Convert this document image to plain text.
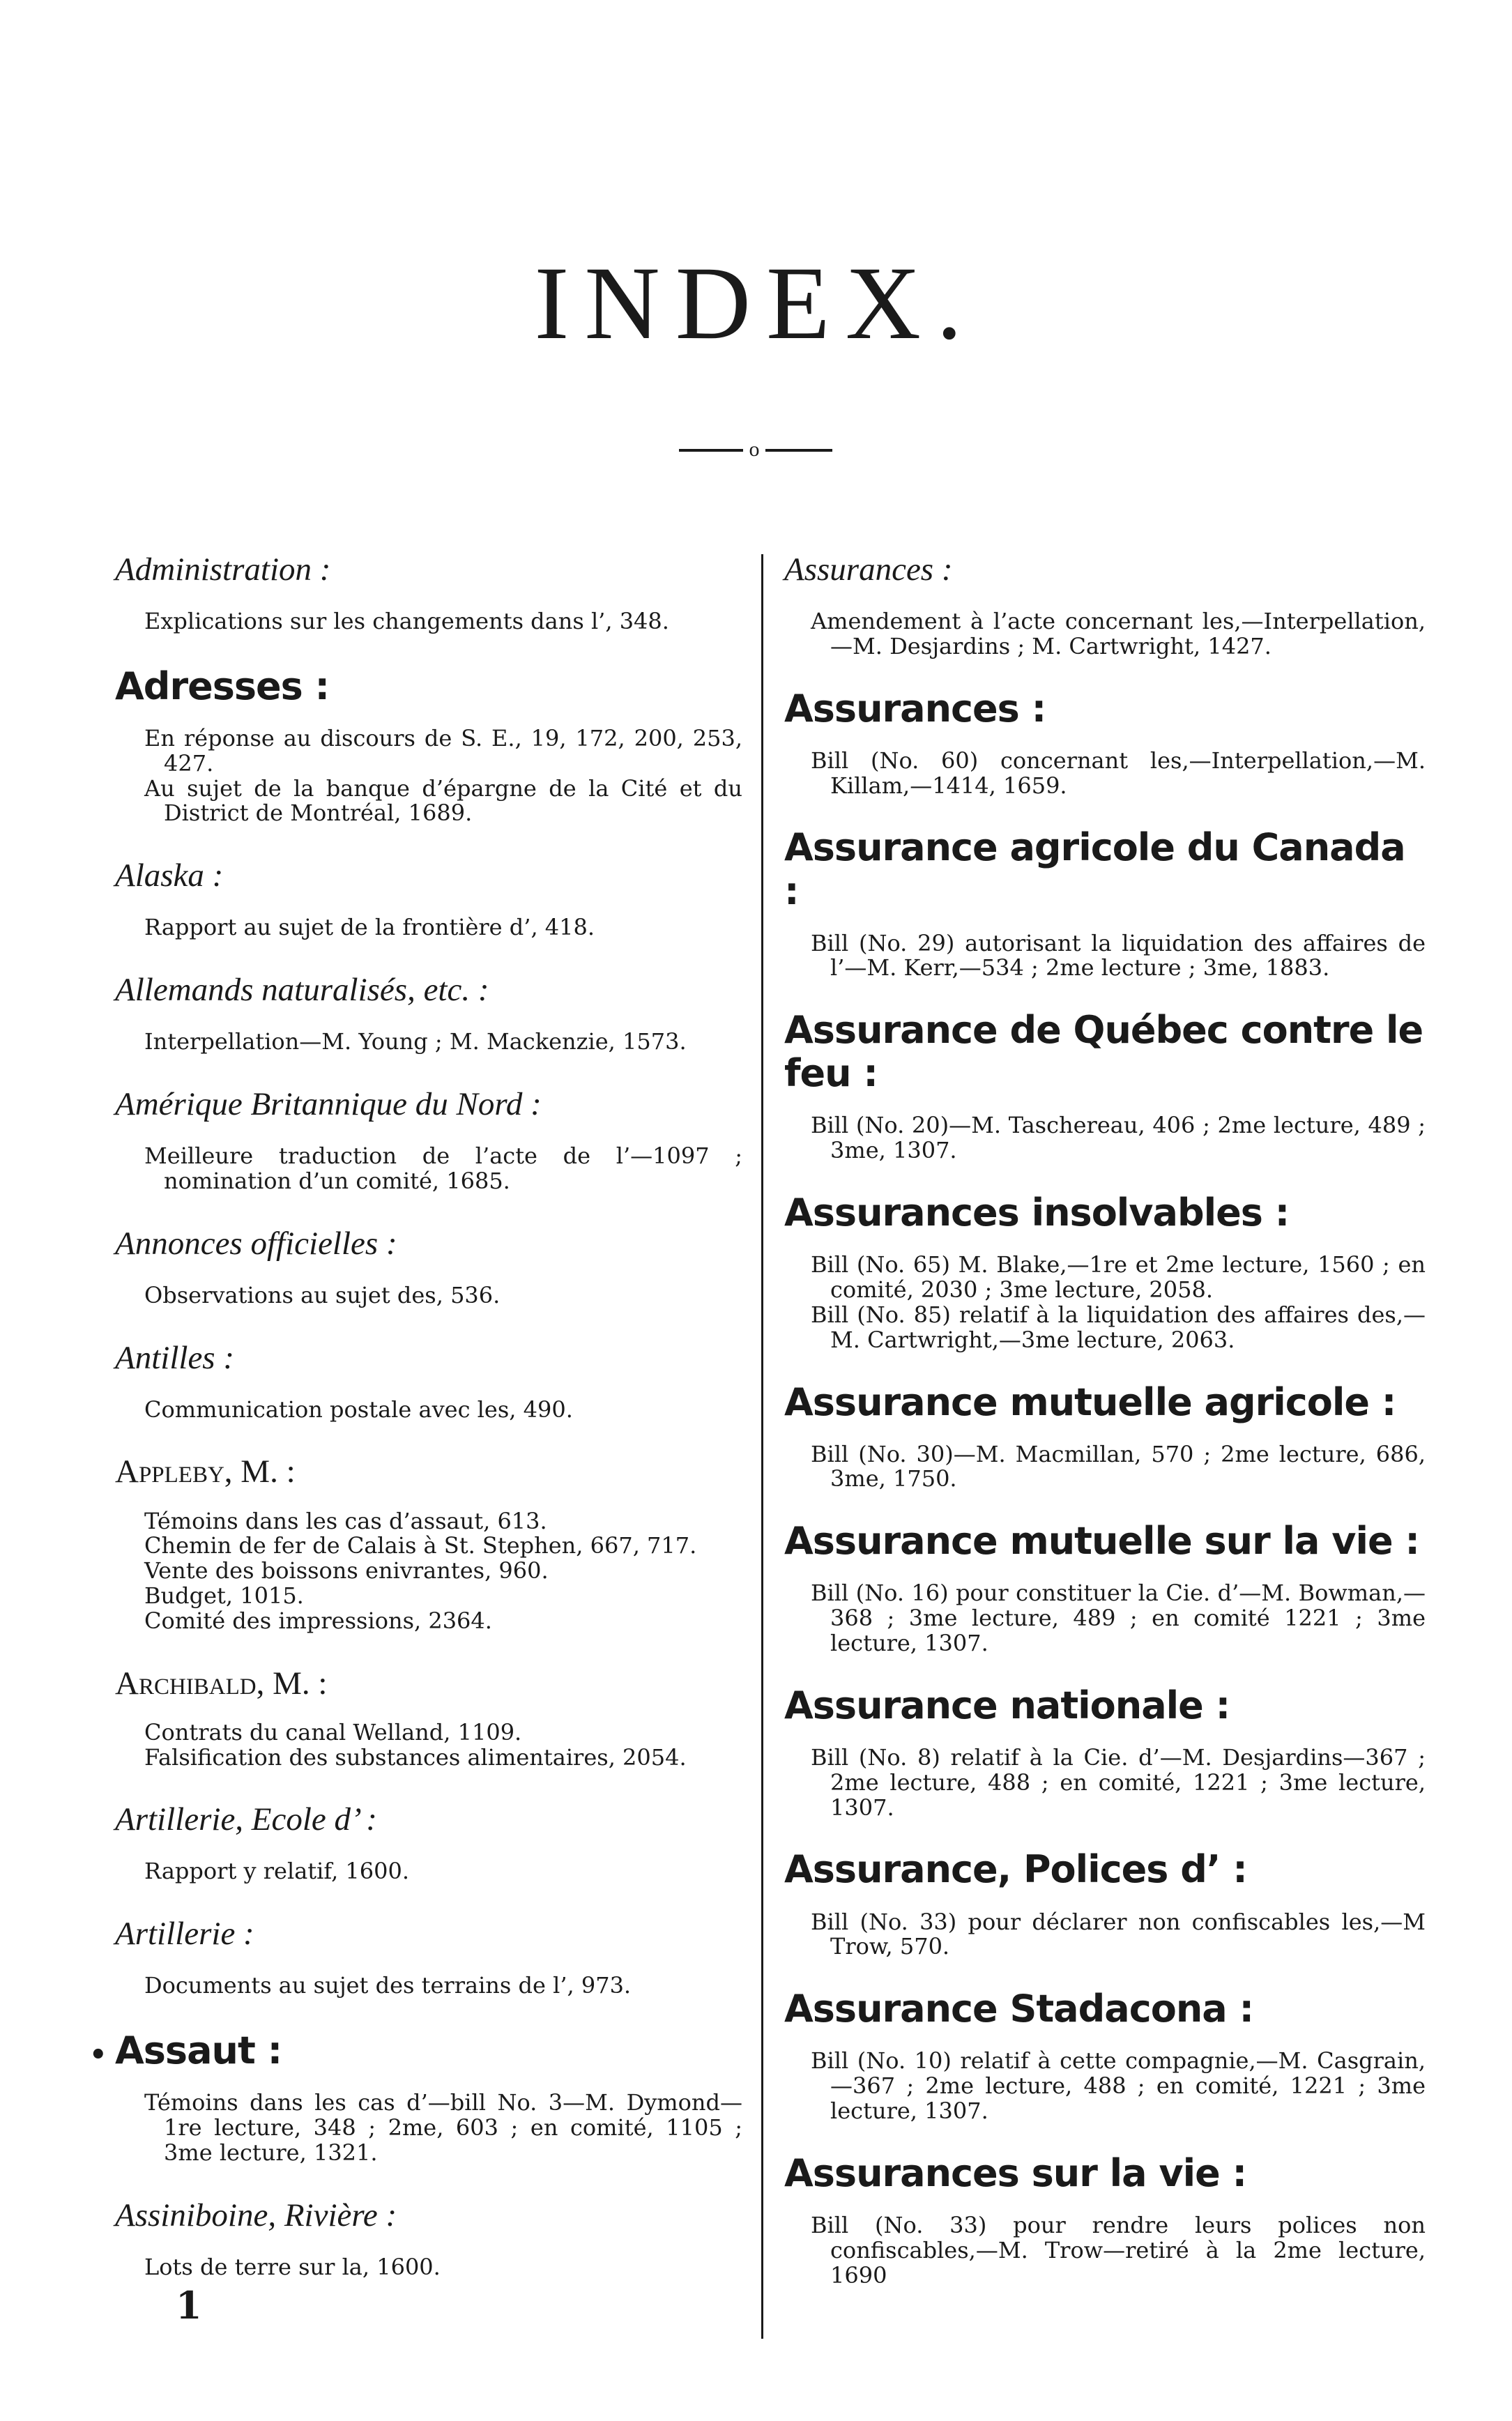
INDEX.
o

Administration :

Explications sur les changements dans l’, 348.

Adresses :

En réponse au discours de S. E., 19, 172, 200, 253, 427.

Au sujet de la banque d’épargne de la Cité et du District de Montréal, 1689.

Alaska :

Rapport au sujet de la frontière d’, 418.

Allemands naturalisés, etc. :

Interpellation—M. Young ; M. Mackenzie, 1573.

Amérique Britannique du Nord :

Meilleure traduction de l’acte de l’—1097 ; nomination d’un comité, 1685.

Annonces officielles :

Observations au sujet des, 536.

Antilles :

Communication postale avec les, 490.

Appleby, M. :

Témoins dans les cas d’assaut, 613.

Chemin de fer de Calais à St. Stephen, 667, 717.

Vente des boissons enivrantes, 960.

Budget, 1015.

Comité des impressions, 2364.

Archibald, M. :

Contrats du canal Welland, 1109.

Falsification des substances alimentaires, 2054.

Artillerie, Ecole d’ :

Rapport y relatif, 1600.

Artillerie :

Documents au sujet des terrains de l’, 973.

Assaut :

Témoins dans les cas d’—bill No. 3—M. Dymond—1re lecture, 348 ; 2me, 603 ; en comité, 1105 ; 3me lecture, 1321.

Assiniboine, Rivière :

Lots de terre sur la, 1600.

Assurances :

Amendement à l’acte concernant les,—Interpellation,—M. Desjardins ; M. Cartwright, 1427.

Assurances :

Bill (No. 60) concernant les,—Interpellation,—M. Killam,—1414, 1659.

Assurance agricole du Canada :

Bill (No. 29) autorisant la liquidation des affaires de l’—M. Kerr,—534 ; 2me lecture ; 3me, 1883.

Assurance de Québec contre le feu :

Bill (No. 20)—M. Taschereau, 406 ; 2me lecture, 489 ; 3me, 1307.

Assurances insolvables :

Bill (No. 65) M. Blake,—1re et 2me lecture, 1560 ; en comité, 2030 ; 3me lecture, 2058.

Bill (No. 85) relatif à la liquidation des affaires des,—M. Cartwright,—3me lecture, 2063.

Assurance mutuelle agricole :

Bill (No. 30)—M. Macmillan, 570 ; 2me lecture, 686, 3me, 1750.

Assurance mutuelle sur la vie :

Bill (No. 16) pour constituer la Cie. d’—M. Bowman,—368 ; 3me lecture, 489 ; en comité 1221 ; 3me lecture, 1307.

Assurance nationale :

Bill (No. 8) relatif à la Cie. d’—M. Desjardins—367 ; 2me lecture, 488 ; en comité, 1221 ; 3me lecture, 1307.

Assurance, Polices d’ :

Bill (No. 33) pour déclarer non confiscables les,—M Trow, 570.

Assurance Stadacona :

Bill (No. 10) relatif à cette compagnie,—M. Casgrain,—367 ; 2me lecture, 488 ; en comité, 1221 ; 3me lecture, 1307.

Assurances sur la vie :

Bill (No. 33) pour rendre leurs polices non confiscables,—M. Trow—retiré à la 2me lecture, 1690

•
1
